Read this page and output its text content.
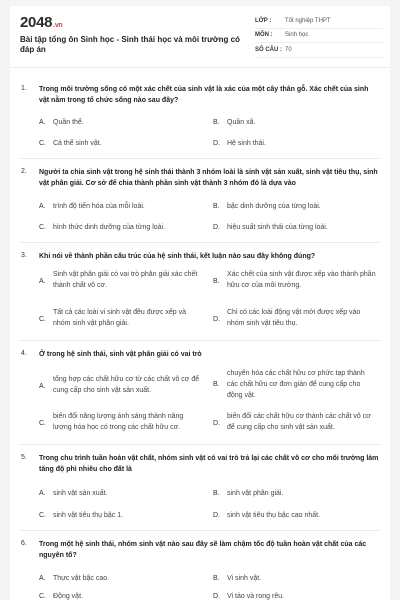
2048.vn
Bài tập tổng ôn Sinh học - Sinh thái học và môi trường có đáp án
LỚP :	Tốt nghiệp THPT
MÔN :	Sinh học
SỐ CÂU : 70
1. Trong môi trường sống có một xác chết của sinh vật là xác của một cây thân gỗ. Xác chết của sinh vật nằm trong tổ chức sống nào sau đây?
A.	Quần thể.	B.	Quần xã.
C.	Cá thể sinh vật.	D.	Hệ sinh thái.
2. Người ta chia sinh vật trong hệ sinh thái thành 3 nhóm loài là sinh vật sản xuất, sinh vật tiêu thụ, sinh vật phân giải. Cơ sở để chia thành phần sinh vật thành 3 nhóm đó là dựa vào
A.	trình độ tiến hóa của mỗi loài.	B.	bậc dinh dưỡng của từng loài.
C.	hình thức dinh dưỡng của từng loài.	D.	hiệu suất sinh thái của từng loài.
3. Khi nói về thành phần cấu trúc của hệ sinh thái, kết luận nào sau đây không đúng?
A.
Sinh vật phân giải có vai trò phân giải xác chết thành chất vô cơ.
B.
Xác chết của sinh vật được xếp vào thành phần hữu cơ của môi trường.
C.
Tất cả các loài vi sinh vật đều được xếp và nhóm sinh vật phân giải.
D.
Chỉ có các loài động vật mới được xếp vào nhóm sinh vật tiêu thụ.
4. Ở trong hệ sinh thái, sinh vật phân giải có vai trò
A.
tổng hợp các chất hữu cơ từ các chất vô cơ để cung cấp cho sinh vật sản xuất.
B.
chuyển hóa các chất hữu cơ phức tạp thành các chất hữu cơ đơn giản để cung cấp cho động vật.
C.
biến đổi năng lượng ánh sáng thành năng lượng hóa học có trong các chất hữu cơ.
D.
biến đổi các chất hữu cơ thành các chất vô cơ để cung cấp cho sinh vật sản xuất.
5. Trong chu trình tuần hoàn vật chất, nhóm sinh vật có vai trò trả lại các chất vô cơ cho môi trường làm tăng độ phì nhiêu cho đất là
A.	sinh vật sản xuất.	B.	sinh vật phân giải.
C.	sinh vật tiêu thụ bậc 1.	D.	sinh vật tiêu thụ bậc cao nhất.
6. Trong một hệ sinh thái, nhóm sinh vật nào sau đây sẽ làm chậm tốc độ tuần hoàn vật chất của các nguyên tố?
A.	Thực vật bậc cao.	B.	Vi sinh vật.
C.	Động vật.	D.	Vi tảo và rong rêu.
